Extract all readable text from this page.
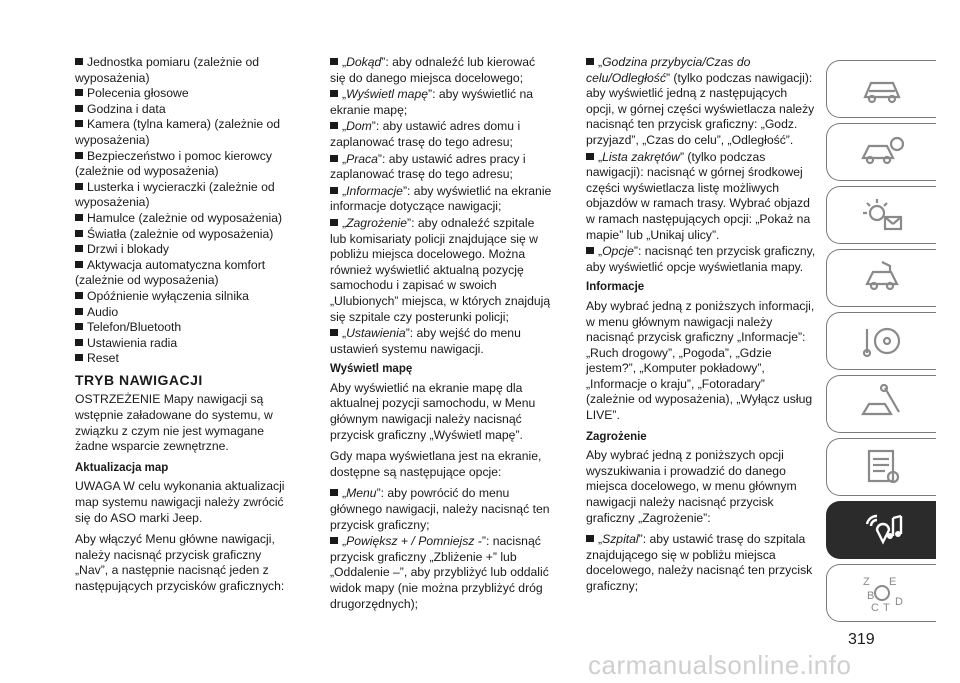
Jednostka pomiaru (zależnie od wyposażenia)
Polecenia głosowe
Godzina i data
Kamera (tylna kamera) (zależnie od wyposażenia)
Bezpieczeństwo i pomoc kierowcy (zależnie od wyposażenia)
Lusterka i wycieraczki (zależnie od wyposażenia)
Hamulce (zależnie od wyposażenia)
Światła (zależnie od wyposażenia)
Drzwi i blokady
Aktywacja automatyczna komfort (zależnie od wyposażenia)
Opóźnienie wyłączenia silnika
Audio
Telefon/Bluetooth
Ustawienia radia
Reset
TRYB NAWIGACJI

OSTRZEŻENIE Mapy nawigacji są wstępnie załadowane do systemu, w związku z czym nie jest wymagane żadne wsparcie zewnętrzne.

Aktualizacja map

UWAGA W celu wykonania aktualizacji map systemu nawigacji należy zwrócić się do ASO marki Jeep.

Aby włączyć Menu główne nawigacji, należy nacisnąć przycisk graficzny „Nav”, a następnie nacisnąć jeden z następujących przycisków graficznych:

„Dokąd”: aby odnaleźć lub kierować się do danego miejsca docelowego;
„Wyświetl mapę”: aby wyświetlić na ekranie mapę;
„Dom”: aby ustawić adres domu i zaplanować trasę do tego adresu;
„Praca”: aby ustawić adres pracy i zaplanować trasę do tego adresu;
„Informacje”: aby wyświetlić na ekranie informacje dotyczące nawigacji;
„Zagrożenie”: aby odnaleźć szpitale lub komisariaty policji znajdujące się w pobliżu miejsca docelowego. Można również wyświetlić aktualną pozycję samochodu i zapisać w swoich „Ulubionych” miejsca, w których znajdują się szpitale czy posterunki policji;
„Ustawienia”: aby wejść do menu ustawień systemu nawigacji.
Wyświetl mapę

Aby wyświetlić na ekranie mapę dla aktualnej pozycji samochodu, w Menu głównym nawigacji należy nacisnąć przycisk graficzny „Wyświetl mapę”.

Gdy mapa wyświetlana jest na ekranie, dostępne są następujące opcje:

„Menu”: aby powrócić do menu głównego nawigacji, należy nacisnąć ten przycisk graficzny;
„Powiększ + / Pomniejsz -”: nacisnąć przycisk graficzny „Zbliżenie +” lub „Oddalenie –”, aby przybliżyć lub oddalić widok mapy (nie można przybliżyć dróg drugorzędnych);
„Godzina przybycia/Czas do celu/Odległość” (tylko podczas nawigacji): aby wyświetlić jedną z następujących opcji, w górnej części wyświetlacza należy nacisnąć ten przycisk graficzny: „Godz. przyjazd”, „Czas do celu”, „Odległość”.
„Lista zakrętów” (tylko podczas nawigacji): nacisnąć w górnej środkowej części wyświetlacza listę możliwych objazdów w ramach trasy. Wybrać objazd w ramach następujących opcji: „Pokaż na mapie” lub „Unikaj ulicy”.
„Opcje”: nacisnąć ten przycisk graficzny, aby wyświetlić opcje wyświetlania mapy.
Informacje

Aby wybrać jedną z poniższych informacji, w menu głównym nawigacji należy nacisnąć przycisk graficzny „Informacje”: „Ruch drogowy”, „Pogoda”, „Gdzie jestem?”, „Komputer pokładowy”, „Informacje o kraju”, „Fotoradary” (zależnie od wyposażenia), „Wyłącz usług LIVE”.

Zagrożenie

Aby wybrać jedną z poniższych opcji wyszukiwania i prowadzić do danego miejsca docelowego, w menu głównym nawigacji należy nacisnąć przycisk graficzny „Zagrożenie”:

„Szpital”: aby ustawić trasę do szpitala znajdującego się w pobliżu miejsca docelowego, należy nacisnąć ten przycisk graficzny;	Z E
B
T D
C
319
carmanualsonline.info
